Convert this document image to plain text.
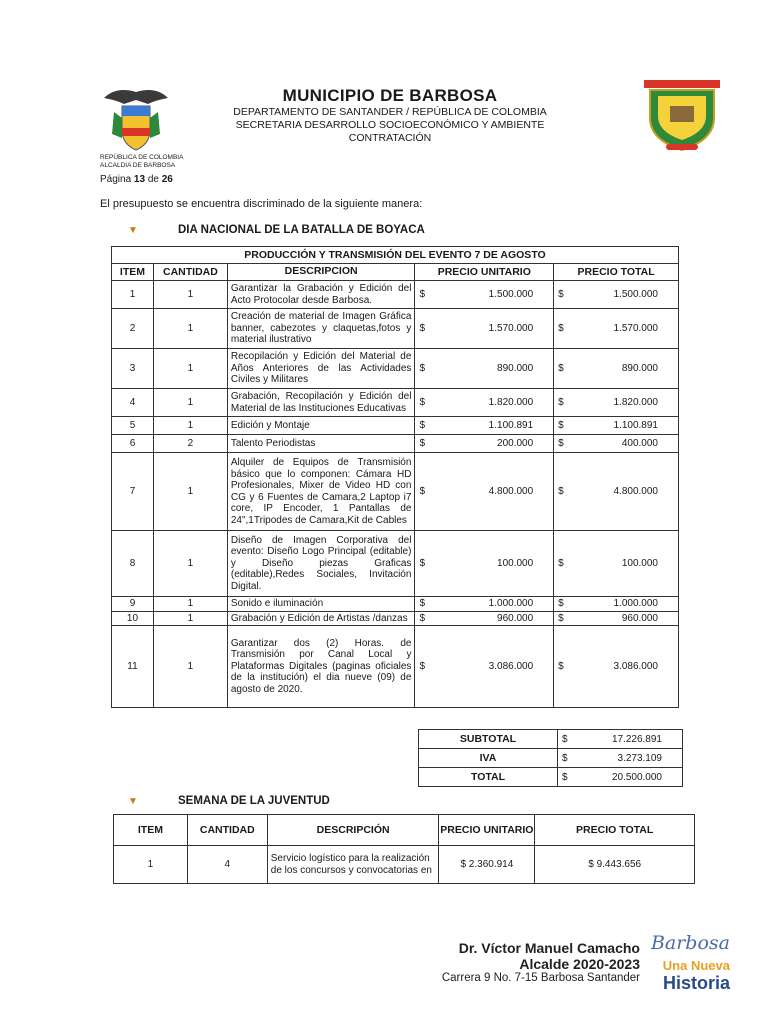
MUNICIPIO DE BARBOSA
DEPARTAMENTO DE SANTANDER / REPÚBLICA DE COLOMBIA
SECRETARIA DESARROLLO SOCIOECONÓMICO Y AMBIENTE
CONTRATACIÓN
REPÚBLICA DE COLOMBIA
ALCALDIA DE BARBOSA
Página 13 de 26
El presupuesto se encuentra discriminado de la siguiente manera:
▼	DIA NACIONAL DE LA BATALLA DE BOYACA
PRODUCCIÓN Y TRANSMISIÓN DEL EVENTO 7 DE AGOSTO				
ITEM	CANTIDAD	DESCRIPCION	PRECIO UNITARIO	PRECIO TOTAL
1	1	Garantizar la Grabación y Edición del Acto Protocolar desde Barbosa.	$ 1.500.000	$ 1.500.000

2	1	Creación de material de Imagen Gráfica banner, cabezotes y claquetas,fotos y material ilustrativo	$ 1.570.000	$ 1.570.000

3	1	Recopilación y Edición del Material de Años Anteriores de las Actividades Civiles y Militares	$ 890.000	$ 890.000

4	1	Grabación, Recopilación y Edición del Material de las Instituciones Educativas	$ 1.820.000	$ 1.820.000

5	1	Edición y Montaje	$ 1.100.891	$ 1.100.891

6	2	Talento Periodistas	$ 200.000	$ 400.000

7	1	Alquiler de Equipos de Transmisión básico que lo componen: Cámara HD Profesionales, Mixer de Video HD con CG y 6 Fuentes de Camara,2 Laptop i7 core, IP Encoder, 1 Pantallas de 24",1Tripodes de Camara,Kit de Cables	$ 4.800.000	$ 4.800.000

8	1	Diseño de Imagen Corporativa del evento: Diseño Logo Principal (editable) y Diseño piezas Graficas (editable),Redes Sociales, Invitación Digital.	$ 100.000	$ 100.000

9	1	Sonido e iluminación	$ 1.000.000	$ 1.000.000

10	1	Grabación y Edición de Artistas /danzas	$ 960.000	$ 960.000

11	1	Garantizar dos (2) Horas. de Transmisión por Canal Local y Plataformas Digitales (paginas oficiales de la institución) el dia nueve (09) de agosto de 2020.	$ 3.086.000	$ 3.086.000
SUBTOTAL	$ 17.226.891

IVA	$ 3.273.109

TOTAL	$ 20.500.000
▼	SEMANA DE LA JUVENTUD
ITEM	CANTIDAD	DESCRIPCIÓN	PRECIO UNITARIO	PRECIO TOTAL
1	4	Servicio logístico para la realización de los concursos y convocatorias en	$ 2.360.914	$ 9.443.656
Dr. Víctor Manuel Camacho
Alcalde 2020-2023
Carrera 9 No. 7-15 Barbosa Santander
Barbosa
Una Nueva
Historia
